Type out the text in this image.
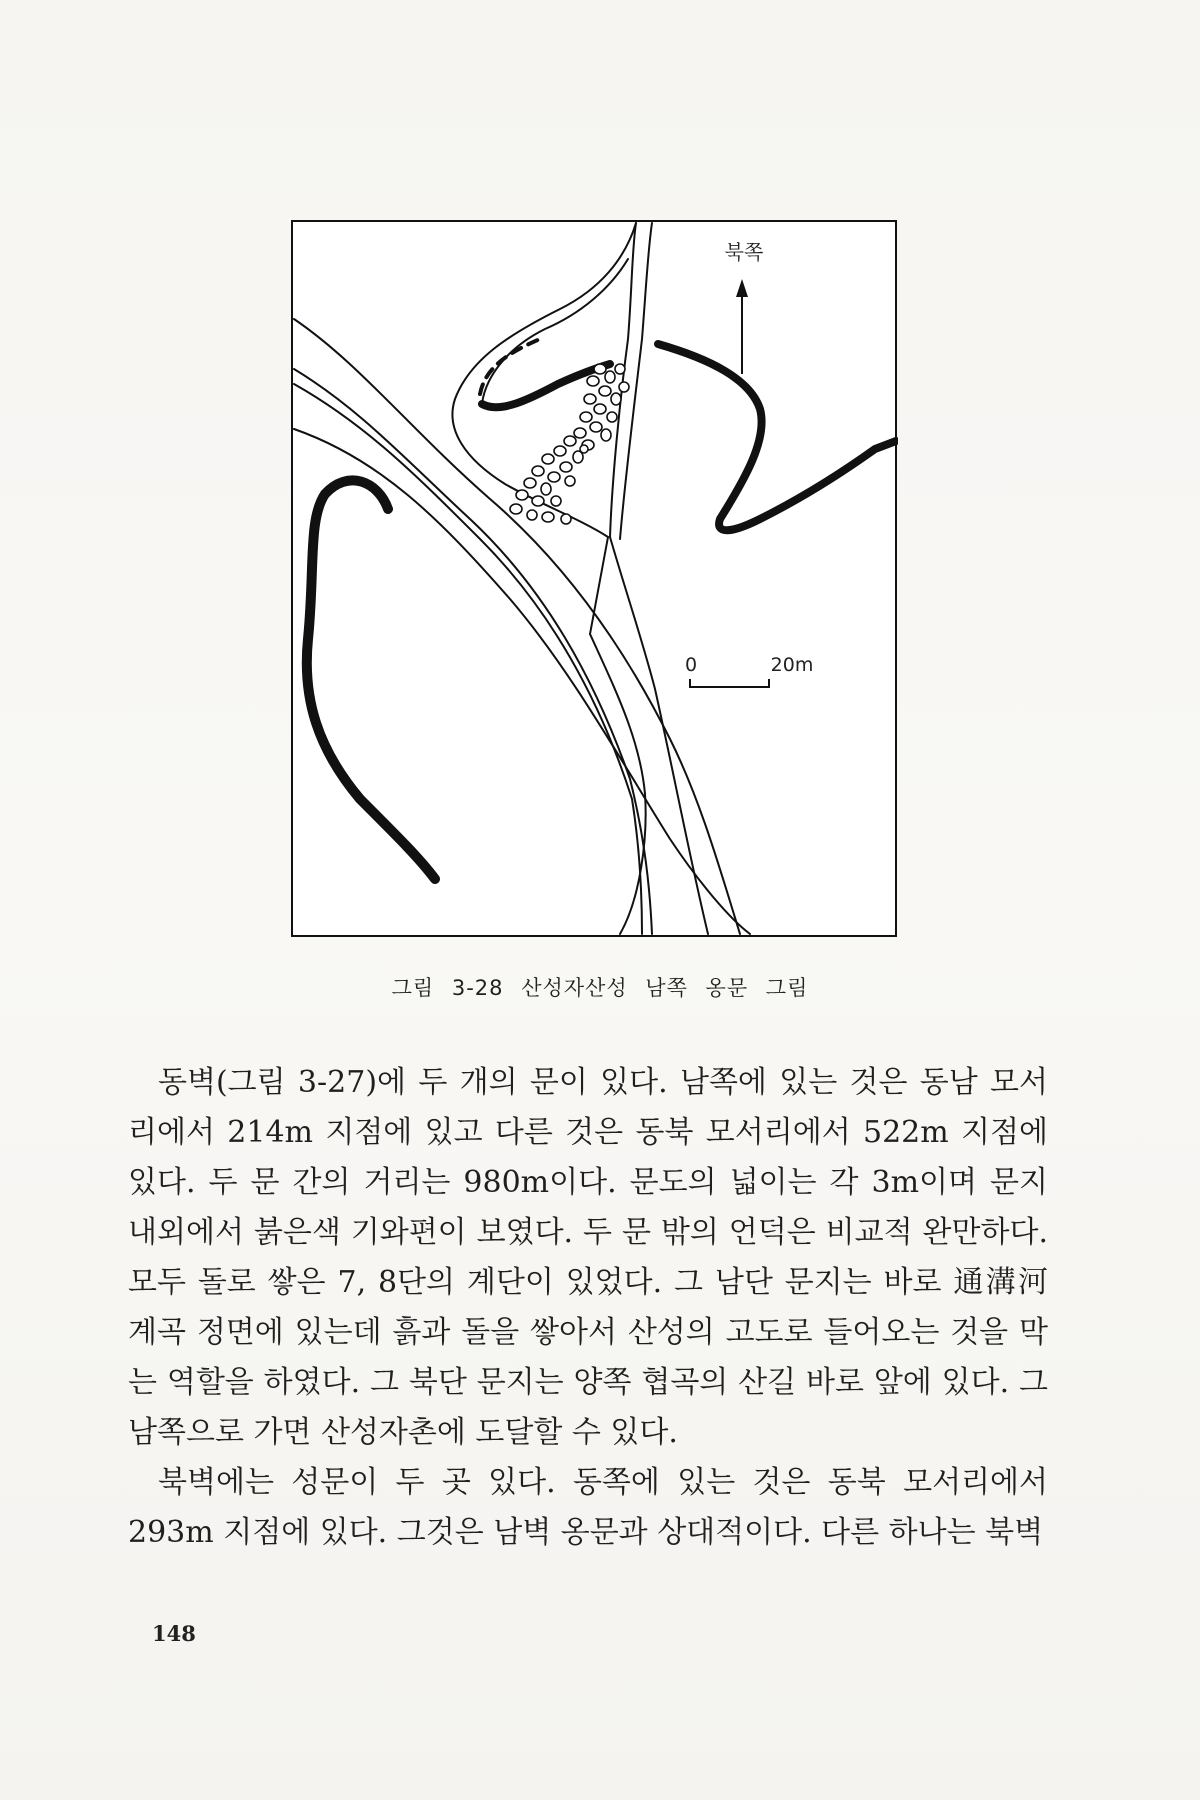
북쪽
0	20m
그림 3-28 산성자산성 남쪽 옹문 그림

동벽(그림 3-27)에 두 개의 문이 있다. 남쪽에 있는 것은 동남 모서리에서 214m 지점에 있고 다른 것은 동북 모서리에서 522m 지점에 있다. 두 문 간의 거리는 980m이다. 문도의 넓이는 각 3m이며 문지 내외에서 붉은색 기와편이 보였다. 두 문 밖의 언덕은 비교적 완만하다. 모두 돌로 쌓은 7, 8단의 계단이 있었다. 그 남단 문지는 바로 通溝河 계곡 정면에 있는데 흙과 돌을 쌓아서 산성의 고도로 들어오는 것을 막는 역할을 하였다. 그 북단 문지는 양쪽 협곡의 산길 바로 앞에 있다. 그 남쪽으로 가면 산성자촌에 도달할 수 있다.

북벽에는 성문이 두 곳 있다. 동쪽에 있는 것은 동북 모서리에서 293m 지점에 있다. 그것은 남벽 옹문과 상대적이다. 다른 하나는 북벽

148
